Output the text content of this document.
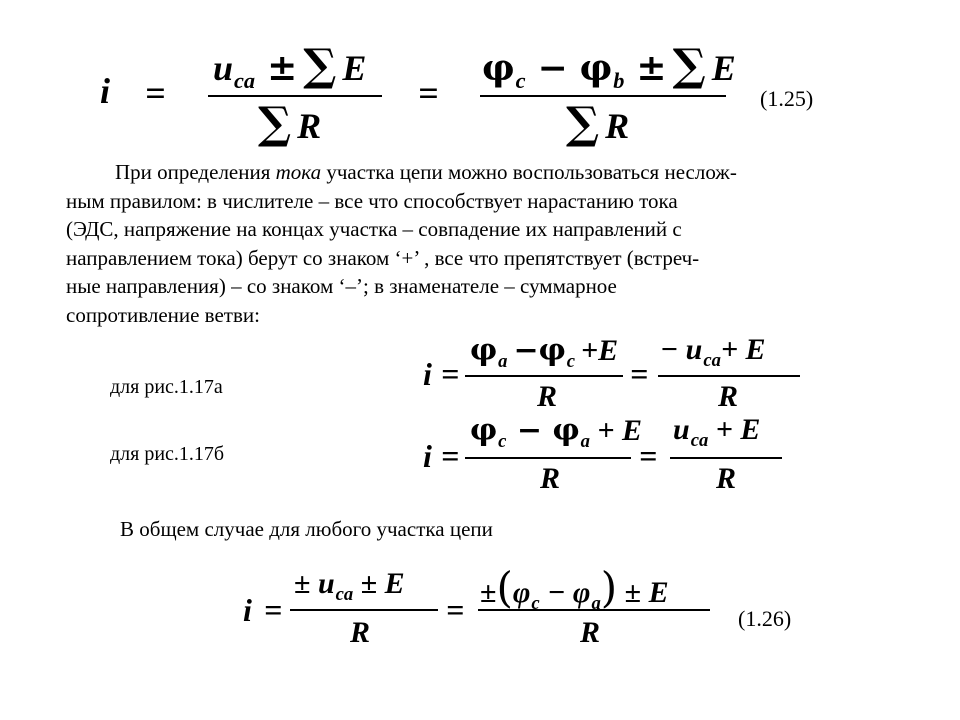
i =
u ca ± ∑ E
∑ R
=
φ c − φ b ± ∑ E
∑ R
(1.25)
При определения тока участка цепи можно воспользоваться неслож-
ным правилом: в числителе – все что способствует нарастанию тока
(ЭДС, напряжение на концах участка – совпадение их направлений с
направлением тока) берут со знаком ‘+’ , все что препятствует (встреч-
ные направления) – со знаком ‘–’; в знаменателе – суммарное
сопротивление ветви:
для рис.1.17а	i =
φ a − φ c +E
R
=
− u ca + E
R
для рис.1.17б	i =
φ c − φ a + E
R
=
u ca + E
R
В общем случае для любого участка цепи
i =
± u ca ± E
R
= ± ( φ c − φ a ) ± E
R	(1.26)
